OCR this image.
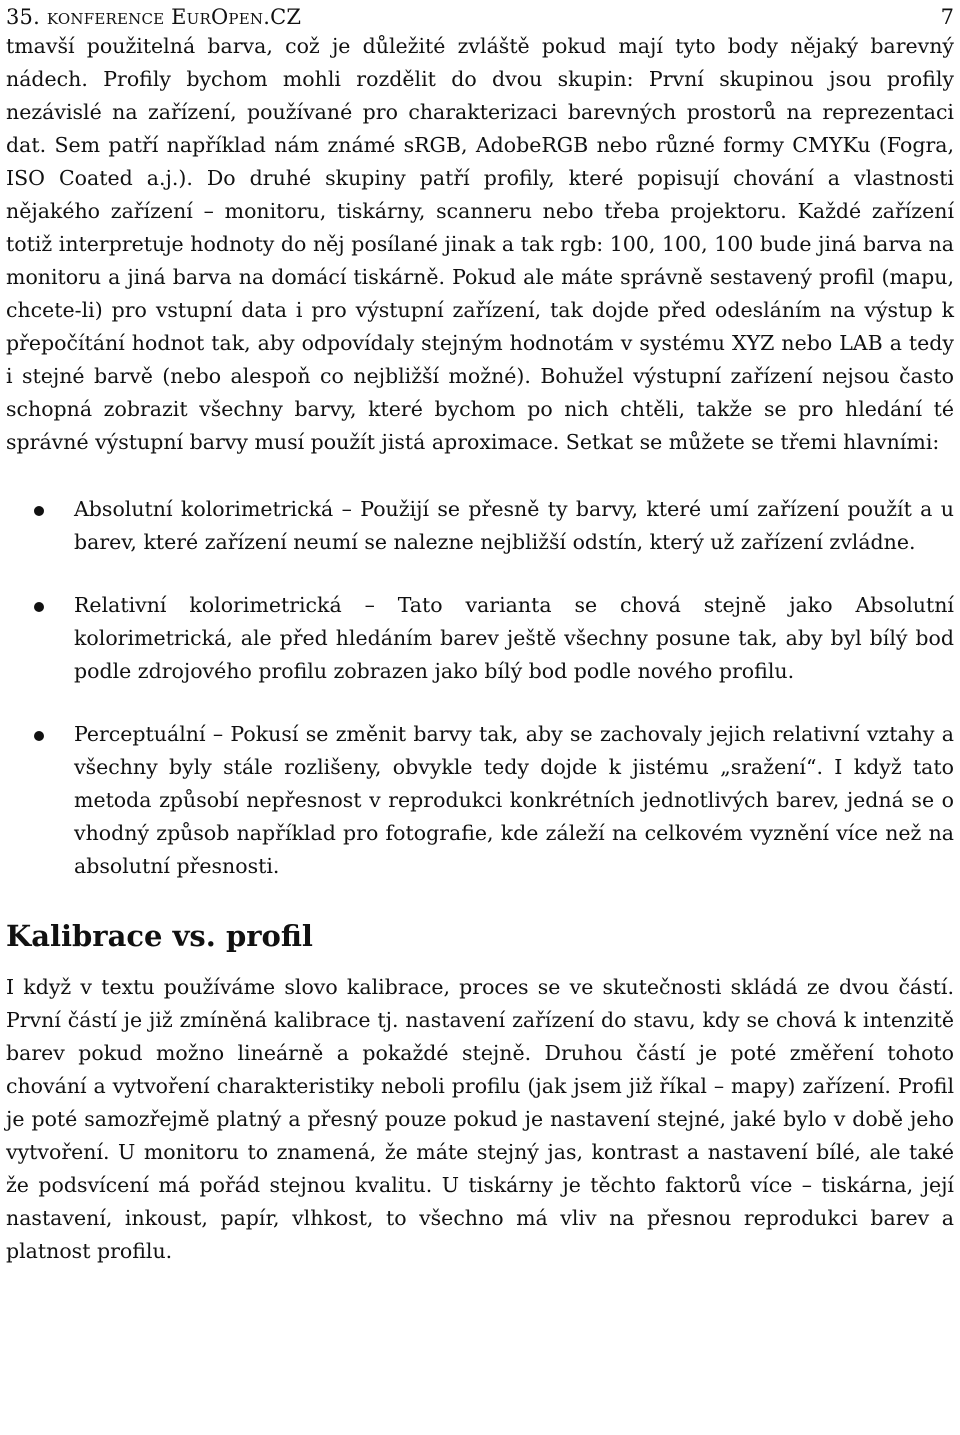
35. konference EurOpen.CZ	7

tmavší použitelná barva, což je důležité zvláště pokud mají tyto body nějaký barevný nádech. Profily bychom mohli rozdělit do dvou skupin: První skupinou jsou profily nezávislé na zařízení, používané pro charakterizaci barevných prostorů na reprezentaci dat. Sem patří například nám známé sRGB, AdobeRGB nebo různé formy CMYKu (Fogra, ISO Coated a.j.). Do druhé skupiny patří profily, které popisují chování a vlastnosti nějakého zařízení – monitoru, tiskárny, scanneru nebo třeba projektoru. Každé zařízení totiž interpretuje hodnoty do něj posílané jinak a tak rgb: 100, 100, 100 bude jiná barva na monitoru a jiná barva na domácí tiskárně. Pokud ale máte správně sestavený profil (mapu, chcete-li) pro vstupní data i pro výstupní zařízení, tak dojde před odesláním na výstup k přepočítání hodnot tak, aby odpovídaly stejným hodnotám v systému XYZ nebo LAB a tedy i stejné barvě (nebo alespoň co nejbližší možné). Bohužel výstupní zařízení nejsou často schopná zobrazit všechny barvy, které bychom po nich chtěli, takže se pro hledání té správné výstupní barvy musí použít jistá aproximace. Setkat se můžete se třemi hlavními:

Absolutní kolorimetrická – Použijí se přesně ty barvy, které umí zařízení použít a u barev, které zařízení neumí se nalezne nejbližší odstín, který už zařízení zvládne.
Relativní kolorimetrická – Tato varianta se chová stejně jako Absolutní kolorimetrická, ale před hledáním barev ještě všechny posune tak, aby byl bílý bod podle zdrojového profilu zobrazen jako bílý bod podle nového profilu.
Perceptuální – Pokusí se změnit barvy tak, aby se zachovaly jejich relativní vztahy a všechny byly stále rozlišeny, obvykle tedy dojde k jistému „sražení“. I když tato metoda způsobí nepřesnost v reprodukci konkrétních jednotlivých barev, jedná se o vhodný způsob například pro fotografie, kde záleží na celkovém vyznění více než na absolutní přesnosti.
Kalibrace vs. profil

I když v textu používáme slovo kalibrace, proces se ve skutečnosti skládá ze dvou částí. První částí je již zmíněná kalibrace tj. nastavení zařízení do stavu, kdy se chová k intenzitě barev pokud možno lineárně a pokaždé stejně. Druhou částí je poté změření tohoto chování a vytvoření charakteristiky neboli profilu (jak jsem již říkal – mapy) zařízení. Profil je poté samozřejmě platný a přesný pouze pokud je nastavení stejné, jaké bylo v době jeho vytvoření. U monitoru to znamená, že máte stejný jas, kontrast a nastavení bílé, ale také že podsvícení má pořád stejnou kvalitu. U tiskárny je těchto faktorů více – tiskárna, její nastavení, inkoust, papír, vlhkost, to všechno má vliv na přesnou reprodukci barev a platnost profilu.
